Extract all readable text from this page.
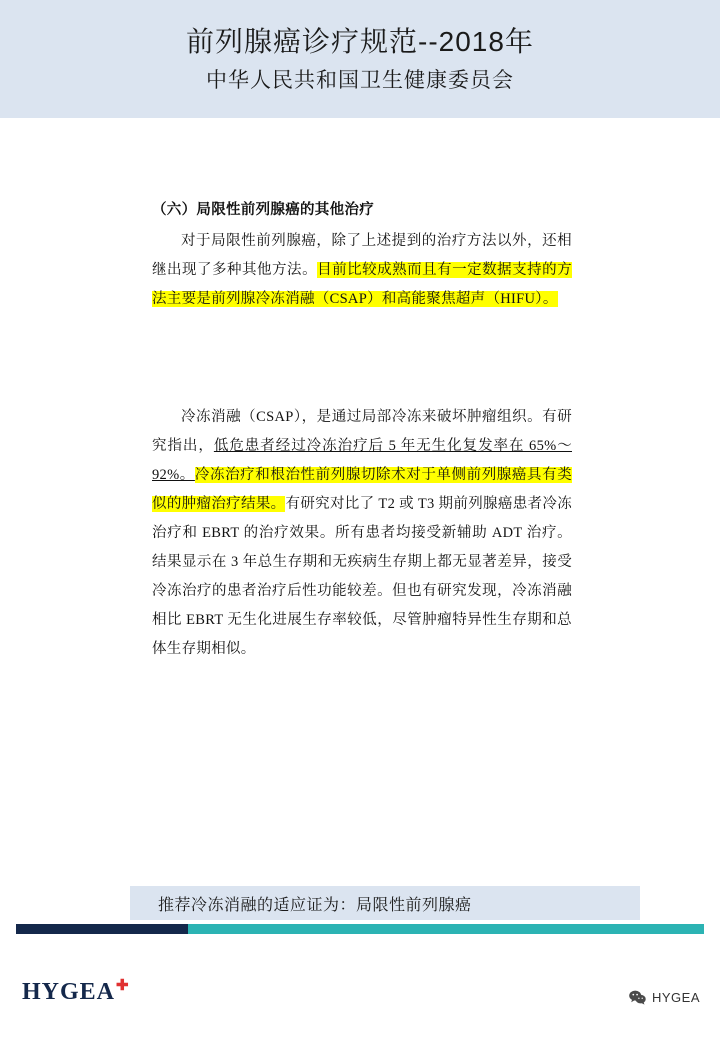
前列腺癌诊疗规范--2018年
中华人民共和国卫生健康委员会
（六）局限性前列腺癌的其他治疗
对于局限性前列腺癌，除了上述提到的治疗方法以外，还相继出现了多种其他方法。目前比较成熟而且有一定数据支持的方法主要是前列腺冷冻消融（CSAP）和高能聚焦超声（HIFU）。
冷冻消融（CSAP），是通过局部冷冻来破坏肿瘤组织。有研究指出，低危患者经过冷冻治疗后 5 年无生化复发率在 65%～92%。冷冻治疗和根治性前列腺切除术对于单侧前列腺癌具有类似的肿瘤治疗结果。有研究对比了 T2 或 T3 期前列腺癌患者冷冻治疗和 EBRT 的治疗效果。所有患者均接受新辅助 ADT 治疗。结果显示在 3 年总生存期和无疾病生存期上都无显著差异，接受冷冻治疗的患者治疗后性功能较差。但也有研究发现，冷冻消融相比 EBRT 无生化进展生存率较低，尽管肿瘤特异性生存期和总体生存期相似。
推荐冷冻消融的适应证为：局限性前列腺癌
HYGEA✚
HYGEA
